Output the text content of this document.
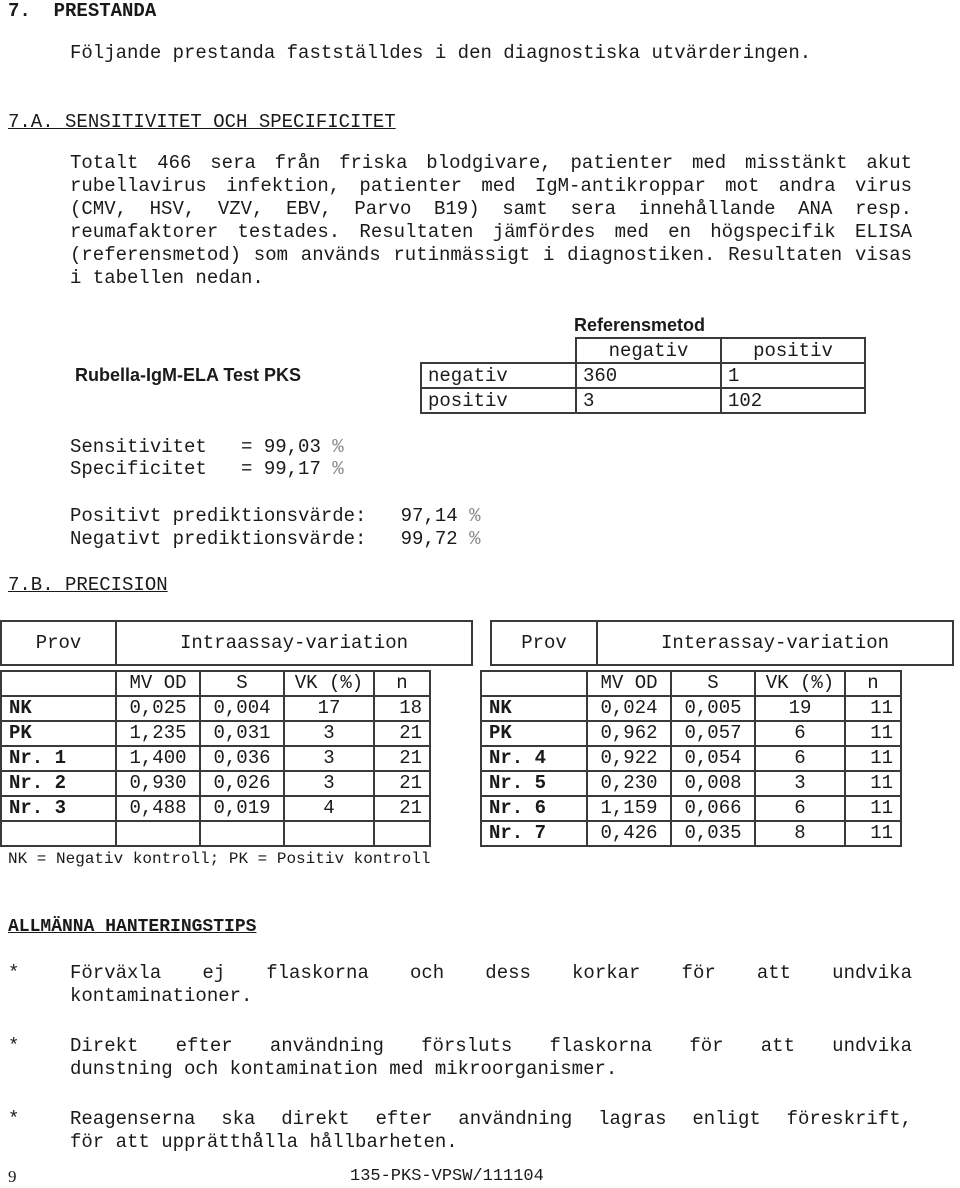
7.  PRESTANDA
Följande prestanda fastställdes i den diagnostiska utvärderingen.
7.A. SENSITIVITET OCH SPECIFICITET
Totalt 466 sera från friska blodgivare, patienter med misstänkt akut rubellavirus infektion, patienter med IgM-antikroppar mot andra virus (CMV, HSV, VZV, EBV, Parvo B19) samt sera innehållande ANA resp. reumafaktorer testades. Resultaten jämfördes med en högspecifik ELISA (referensmetod) som används rutinmässigt i diagnostiken. Resultaten visas i tabellen nedan.
Referensmetod
Rubella-IgM-ELA Test PKS
	negativ	positiv
negativ	360	1
positiv	3	102
Sensitivitet   = 99,03 %
Specificitet   = 99,17 %
Positivt prediktionsvärde:   97,14 %
Negativt prediktionsvärde:   99,72 %
7.B. PRECISION
Prov	Intraassay-variation		Prov	Interassay-variation
	MV OD	S	VK (%)	n
NK	0,025	0,004	17	18
PK	1,235	0,031	3	21
Nr. 1	1,400	0,036	3	21
Nr. 2	0,930	0,026	3	21
Nr. 3	0,488	0,019	4	21

	MV OD	S	VK (%)	n
NK	0,024	0,005	19	11
PK	0,962	0,057	6	11
Nr. 4	0,922	0,054	6	11
Nr. 5	0,230	0,008	3	11
Nr. 6	1,159	0,066	6	11
Nr. 7	0,426	0,035	8	11
NK = Negativ kontroll; PK = Positiv kontroll
ALLMÄNNA HANTERINGSTIPS
*	Förväxla ej flaskorna och dess korkar för att undvika
kontaminationer.
*	Direkt efter användning försluts flaskorna för att undvika
dunstning och kontamination med mikroorganismer.
*	Reagenserna ska direkt efter användning lagras enligt föreskrift,
för att upprätthålla hållbarheten.
9	135-PKS-VPSW/111104
